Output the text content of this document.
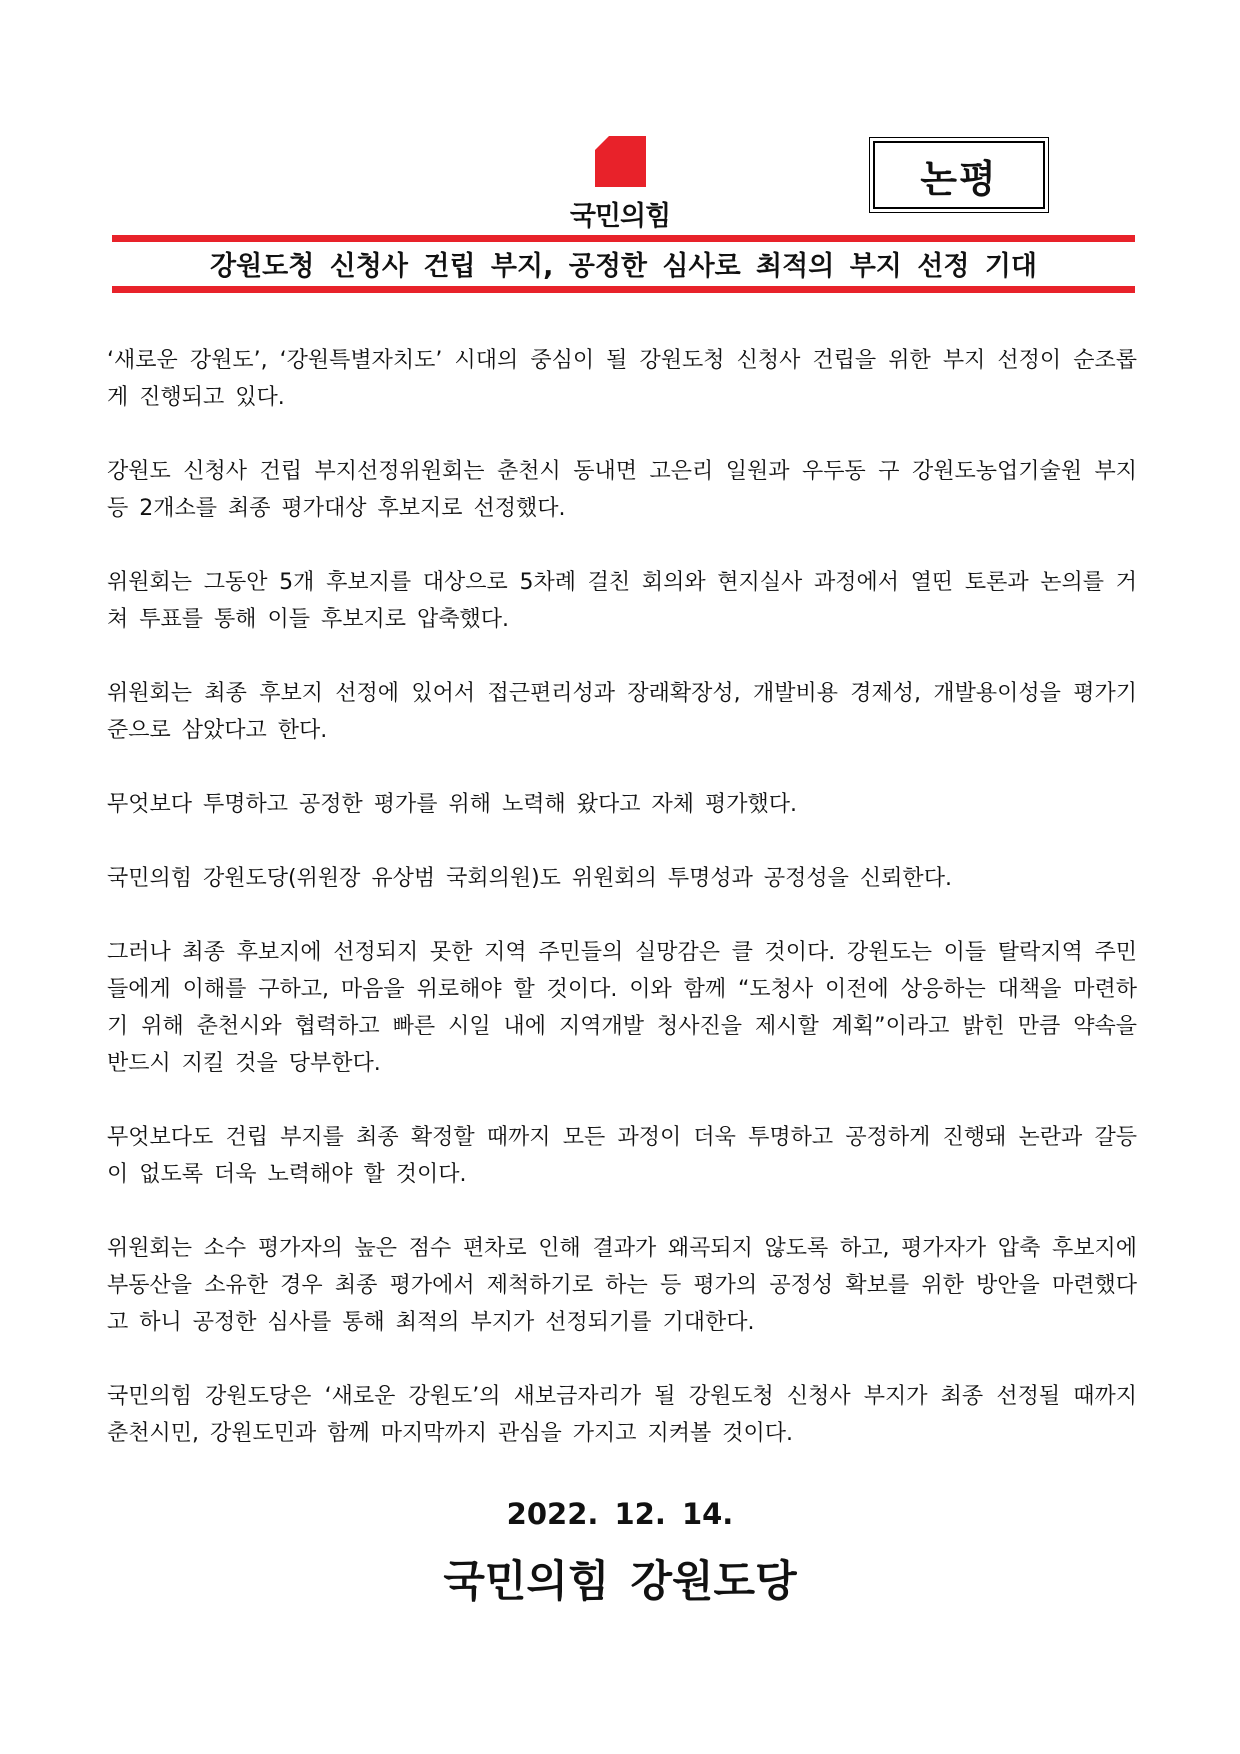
국민의힘
논평
강원도청 신청사 건립 부지, 공정한 심사로 최적의 부지 선정 기대

‘새로운 강원도’, ‘강원특별자치도’ 시대의 중심이 될 강원도청 신청사 건립을 위한 부지 선정이 순조롭게 진행되고 있다.

강원도 신청사 건립 부지선정위원회는 춘천시 동내면 고은리 일원과 우두동 구 강원도농업기술원 부지 등 2개소를 최종 평가대상 후보지로 선정했다.

위원회는 그동안 5개 후보지를 대상으로 5차례 걸친 회의와 현지실사 과정에서 열띤 토론과 논의를 거쳐 투표를 통해 이들 후보지로 압축했다.

위원회는 최종 후보지 선정에 있어서 접근편리성과 장래확장성, 개발비용 경제성, 개발용이성을 평가기준으로 삼았다고 한다.

무엇보다 투명하고 공정한 평가를 위해 노력해 왔다고 자체 평가했다.

국민의힘 강원도당(위원장 유상범 국회의원)도 위원회의 투명성과 공정성을 신뢰한다.

그러나 최종 후보지에 선정되지 못한 지역 주민들의 실망감은 클 것이다. 강원도는 이들 탈락지역 주민들에게 이해를 구하고, 마음을 위로해야 할 것이다. 이와 함께 “도청사 이전에 상응하는 대책을 마련하기 위해 춘천시와 협력하고 빠른 시일 내에 지역개발 청사진을 제시할 계획”이라고 밝힌 만큼 약속을 반드시 지킬 것을 당부한다.

무엇보다도 건립 부지를 최종 확정할 때까지 모든 과정이 더욱 투명하고 공정하게 진행돼 논란과 갈등이 없도록 더욱 노력해야 할 것이다.

위원회는 소수 평가자의 높은 점수 편차로 인해 결과가 왜곡되지 않도록 하고, 평가자가 압축 후보지에 부동산을 소유한 경우 최종 평가에서 제척하기로 하는 등 평가의 공정성 확보를 위한 방안을 마련했다고 하니 공정한 심사를 통해 최적의 부지가 선정되기를 기대한다.

국민의힘 강원도당은 ‘새로운 강원도’의 새보금자리가 될 강원도청 신청사 부지가 최종 선정될 때까지 춘천시민, 강원도민과 함께 마지막까지 관심을 가지고 지켜볼 것이다.

2022. 12. 14.
국민의힘 강원도당
